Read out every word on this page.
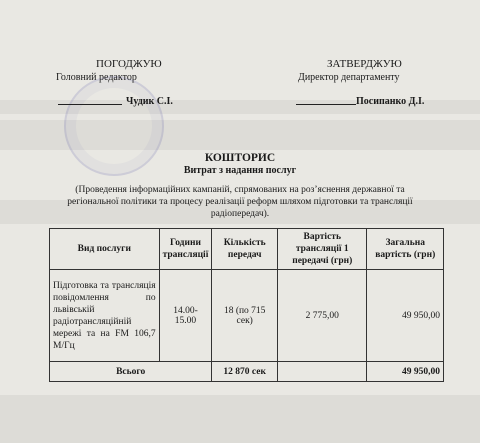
ПОГОДЖУЮ
Головний редактор
Чудик С.І.
ЗАТВЕРДЖУЮ
Директор департаменту
Посипанко Д.І.
КОШТОРИС
Витрат з надання послуг
(Проведення інформаційних кампаній, спрямованих на роз’яснення державної та
регіональної політики та процесу реалізації реформ шляхом підготовки та трансляції
радіопередач).
Вид послуги	Години трансляції	Кількість передач	Вартість трансляції 1 передачі (грн)	Загальна вартість (грн)
Підготовка та трансляція повідомлення по львівській радіотрансляційній мережі та на FM 106,7 М/Гц	14.00-15.00	18 (по 715 сек)	2 775,00	49 950,00
Всього		12 870 сек		49 950,00
